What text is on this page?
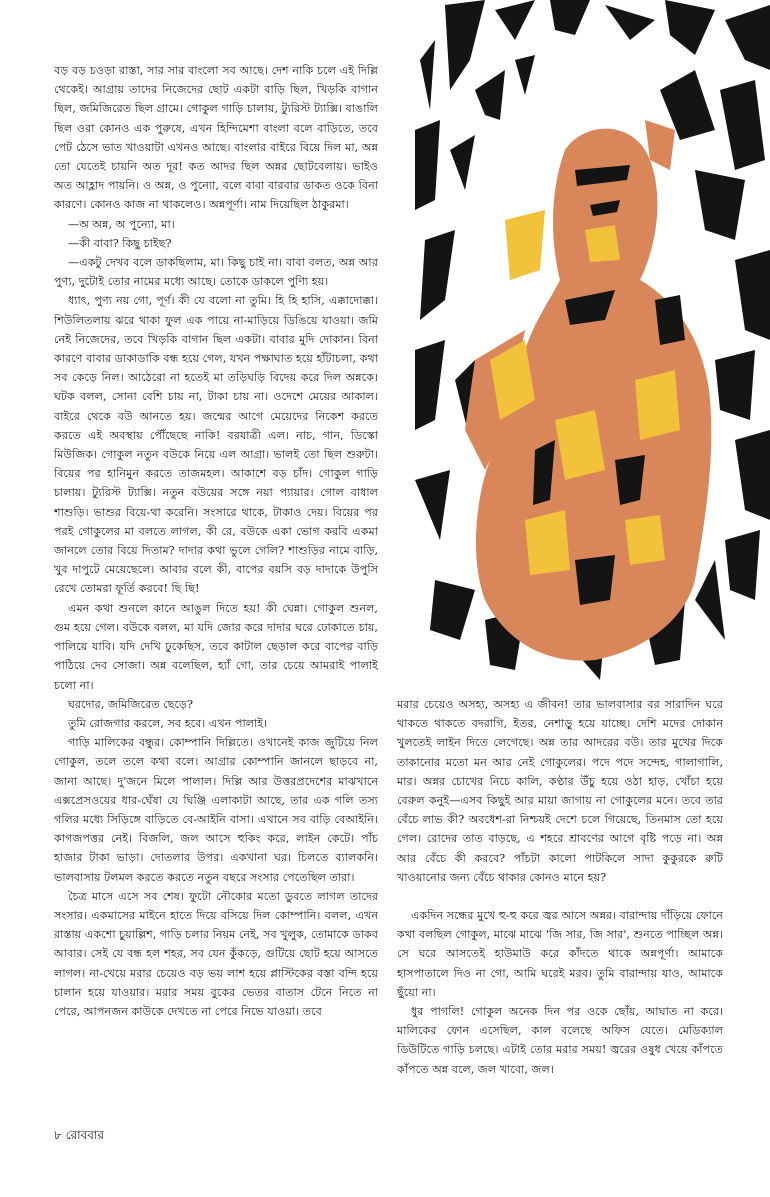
বড় বড় চওড়া রাস্তা, সার সার বাংলো সব আছে। দেশ নাকি চলে এই দিল্লি থেকেই। আগ্রায় তাদের নিজেদের ছোট একটা বাড়ি ছিল, খিড়কি বাগান ছিল, জমিজিরেত ছিল গ্রামে। গোকুল গাড়ি চালায়, ট্যুরিস্ট ট্যাক্সি। বাঙালি ছিল ওরা কোনও এক পুরুষে, এখন হিন্দিমেশা বাংলা বলে বাড়িতে, তবে পেট ঠেসে ভাত খাওয়াটা এখনও আছে। বাংলার বাইরে বিয়ে দিল মা, অন্ন তো যেতেই চায়নি অত দূর! কত আদর ছিল অন্নর ছোটবেলায়। ভাইও অত আহ্লাদ পায়নি। ও অন্ন, ও পুন্যো, বলে বাবা বারবার ডাকত ওকে বিনা কারণে। কোনও কাজ না থাকলেও। অন্নপূর্ণা। নাম দিয়েছিল ঠাকুরমা।

—অ অন্ন, অ পুন্যো, মা।

—কী বাবা? কিছু চাইছ?

—একটু দেখব বলে ডাকছিলাম, মা। কিছু চাই না। বাবা বলত, অন্ন আর পুণ্য, দুটোই তোর নামের মধ্যে আছে। তোকে ডাকলে পুণ্যি হয়।

ধ্যাৎ, পুণ্য নয় গো, পূর্ণ। কী যে বলো না তুমি। হি হি হাসি, এক্কাদোক্কা। শিউলিতলায় ঝরে থাকা ফুল এক পায়ে না-মাড়িয়ে ডিঙিয়ে যাওয়া। জমি নেই নিজেদের, তবে খিড়কি বাগান ছিল একটা। বাবার মুদি দোকান। বিনা কারণে বাবার ডাকাডাকি বন্ধ হয়ে গেল, যখন পক্ষাঘাত হয়ে হাঁটাচলা, কথা সব কেড়ে নিল। আঠেরো না হতেই মা তড়িঘড়ি বিদেয় করে দিল অন্নকে। ঘটক বলল, সোনা বেশি চায় না, টাকা চায় না। ওদেশে মেয়ের আকাল। বাইরে থেকে বউ আনতে হয়। জন্মের আগে মেয়েদের নিকেশ করতে করতে এই অবস্থায় পৌঁছেছে নাকি! বরযাত্রী এল। নাচ, গান, ডিস্কো মিউজিক। গোকুল নতুন বউকে নিয়ে এল আগ্রা। ভালই তো ছিল শুরুটা। বিয়ের পর হানিমুন করতে তাজমহল। আকাশে বড় চাঁদ। গোকুল গাড়ি চালায়। ট্যুরিস্ট ট্যাক্সি। নতুন বউয়ের সঙ্গে নয়া প্যায়ার। গোল বাধাল শাশুড়ি। ভাশুর বিয়ে-থা করেনি। সংসারে থাকে, টাকাও দেয়। বিয়ের পর পরই গোকুলের মা বলতে লাগল, কী রে, বউকে একা ভোগ করবি একমা জানলে তোর বিয়ে দিতাম? দাদার কথা ভুলে গেলি? শাশুড়ির নামে বাড়ি, খুব দাপুটে মেয়েছেলে। আবার বলে কী, বাপের বয়সি বড় দাদাকে উপুসি রেখে তোমরা ফূর্তি করবে! ছি ছি!

এমন কথা শুনলে কানে আঙুল দিতে হয়! কী ঘেন্না। গোকুল শুনল, গুম হয়ে গেল। বউকে বলল, মা যদি জোর করে দাদার ঘরে ঢোকাতে চায়, পালিয়ে যাবি। যদি দেখি ঢুকেছিস, তবে কাটাল ছেড়াল করে বাপের বাড়ি পাঠিয়ে দেব সোজা। অন্ন বলেছিল, হ্যাঁ গো, তার চেয়ে আমরাই পালাই চলো না।

ঘরদোর, জমিজিরেত ছেড়ে?

তুমি রোজগার করলে, সব হবে। এখন পালাই।

গাড়ি মালিকের বন্ধুর। কোম্পানি দিল্লিতে। ওখানেই কাজ জুটিয়ে নিল গোকুল, তলে তলে কথা বলে। আগ্রার কোম্পানি জানলে ছাড়বে না, জানা আছে। দু'জনে মিলে পালাল। দিল্লি আর উত্তরপ্রদেশের মাঝখানে এক্সপ্রেসওয়ের ধার-ঘেঁষা যে ঘিঞ্জি এলাকাটা আছে, তার এক গলি তস্য গলির মধ্যে সিড়িঙ্গে বাড়িতে বে-আইনি বাসা। এখানে সব বাড়ি বেআইনি। কাগজপত্তর নেই। বিজলি, জল আসে হুকিং করে, লাইন কেটে। পাঁচ হাজার টাকা ভাড়া। দোতলার উপর। একখানা ঘর। চিলতে ব্যালকনি। ভালবাসায় টলমল করতে করতে নতুন বছরে সংসার পেতেছিল তারা।

চৈত্র মাসে এসে সব শেষ। ফুটো নৌকোর মতো ডুবতে লাগল তাদের সংসার। একমাসের মাইনে হাতে দিয়ে বসিয়ে দিল কোম্পানি। বলল, এখন রাস্তায় একশো চুয়াল্লিশ, গাড়ি চলার নিয়ম নেই, সব খুলুক, তোমাকে ডাকব আবার। সেই যে বন্ধ হল শহর, সব যেন কুঁকড়ে, গুটিয়ে ছোট হয়ে আসতে লাগল। না-খেয়ে মরার চেয়েও বড় ভয় লাশ হয়ে প্লাস্টিকের বস্তা বন্দি হয়ে চালান হয়ে যাওয়ার। মরার সময় বুকের ভেতর বাতাস টেনে নিতে না পেরে, আপনজন কাউকে দেখতে না পেরে নিভে যাওয়া। তবে

মরার চেয়েও অসহ্য, অসহ্য এ জীবন! তার ভালবাসার বর সারাদিন ঘরে থাকতে থাকতে বদরাগি, ইতর, নেশাড়ু হয়ে যাচ্ছে। দেশি মদের দোকান খুলতেই লাইন দিতে লেগেছে। অন্ন তার আদরের বউ। তার মুখের দিকে তাকানোর মতো মন আর নেই গোকুলের। পদে পদে সন্দেহ, গালাগালি, মার। অন্নর চোখের নিচে কালি, কণ্ঠার উঁচু হয়ে ওঠা হাড়, খোঁচা হয়ে বেরুল কনুই—এসব কিছুই আর মায়া জাগায় না গোকুলের মনে। তবে তার বেঁচে লাভ কী? অবধেশ-রা নিশ্চয়ই দেশে চলে গিয়েছে, তিনমাস তো হয়ে গেল। রোদের তাত বাড়ছে, এ শহরে শ্রাবণের আগে বৃষ্টি পড়ে না। অন্ন আর বেঁচে কী করবে? পাঁচটা কালো পাটকিলে সাদা কুকুরকে রুটি খাওয়ানোর জন্য বেঁচে থাকার কোনও মানে হয়?

একদিন সন্ধের মুখে হু-হু করে জ্বর আসে অন্নর। বারান্দায় দাঁড়িয়ে ফোনে কথা বলছিল গোকুল, মাঝে মাঝে 'জি সার, জি সার', শুনতে পাচ্ছিল অন্ন। সে ঘরে আসতেই হাউমাউ করে কাঁদতে থাকে অন্নপূর্ণা। আমাকে হাসপাতালে দিও না গো, আমি ঘরেই মরব। তুমি বারান্দায় যাও, আমাকে ছুঁয়ো না।

ধুর পাগলি! গোকুল অনেক দিন পর ওকে ছোঁয়, আঘাত না করে। মালিকের ফোন এসেছিল, কাল বলেছে অফিস যেতে। মেডিক্যাল ডিউটিতে গাড়ি চলছে। এটাই তোর মরার সময়! জ্বরের ওষুধ খেয়ে কাঁপতে কাঁপতে অন্ন বলে, জল খাবো, জল।

৮ রোববার
